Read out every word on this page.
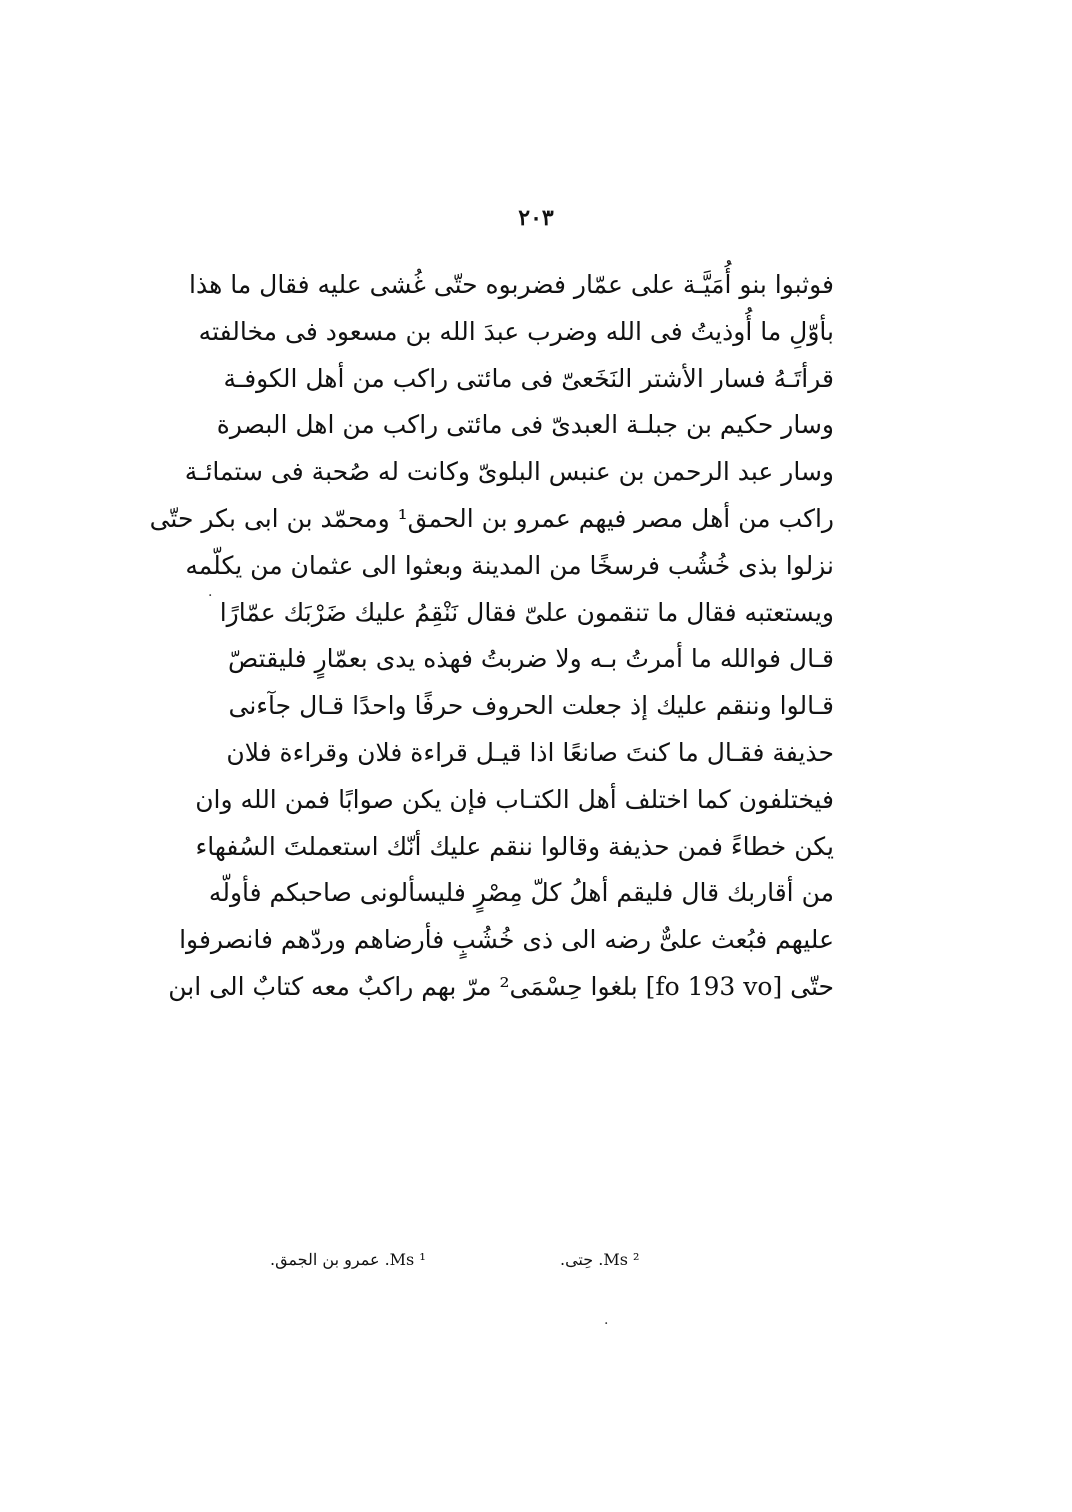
٢٠٣
فوثبوا بنو أُمَيَّـة على عمّار فضربوه حتّى غُشى عليه فقال ما هذا
بأوّلِ ما أُوذيتُ فى الله وضرب عبدَ الله بن مسعود فى مخالفته
قرأتَـهُ فسار الأشتر النَخَعىّ فى مائتى راكب من أهل الكوفـة
وسار حكيم بن جبلـة العبدىّ فى مائتى راكب من اهل البصرة
وسار عبد الرحمن بن عنبس البلوىّ وكانت له صُحبة فى ستمائـة
راكب من أهل مصر فيهم عمرو بن الحمق¹ ومحمّد بن ابى بكر حتّى
نزلوا بذى خُشُب فرسخًا من المدينة وبعثوا الى عثمان من يكلّمه
ويستعتبه فقال ما تنقمون علىّ فقال نَنْقِمُ عليك ضَرْبَك عمّارًا
قـال فوالله ما أمرتُ بـه ولا ضربتُ فهذه يدى بعمّارٍ فليقتصّ
قـالوا وننقم عليك إذ جعلت الحروف حرفًا واحدًا قـال جآءنى
حذيفة فقـال ما كنتَ صانعًا اذا قيـل قراءة فلان وقراءة فلان
فيختلفون كما اختلف أهل الكتـاب فإن يكن صوابًا فمن الله وان
يكن خطاءً فمن حذيفة وقالوا ننقم عليك أنّك استعملتَ السُفهاء
من أقاربك قال فليقم أهلُ كلّ مِصْرٍ فليسألونى صاحبكم فأولّه
عليهم فبُعث علىٌّ رضه الى ذى خُشُبٍ فأرضاهم وردّهم فانصرفوا
حتّى [fo 193 vo] بلغوا حِسْمَى² مرّ بهم راكبٌ معه كتابٌ الى ابن
¹ Ms. عمرو بن الجمق.	² Ms. حِتى.
·
·
